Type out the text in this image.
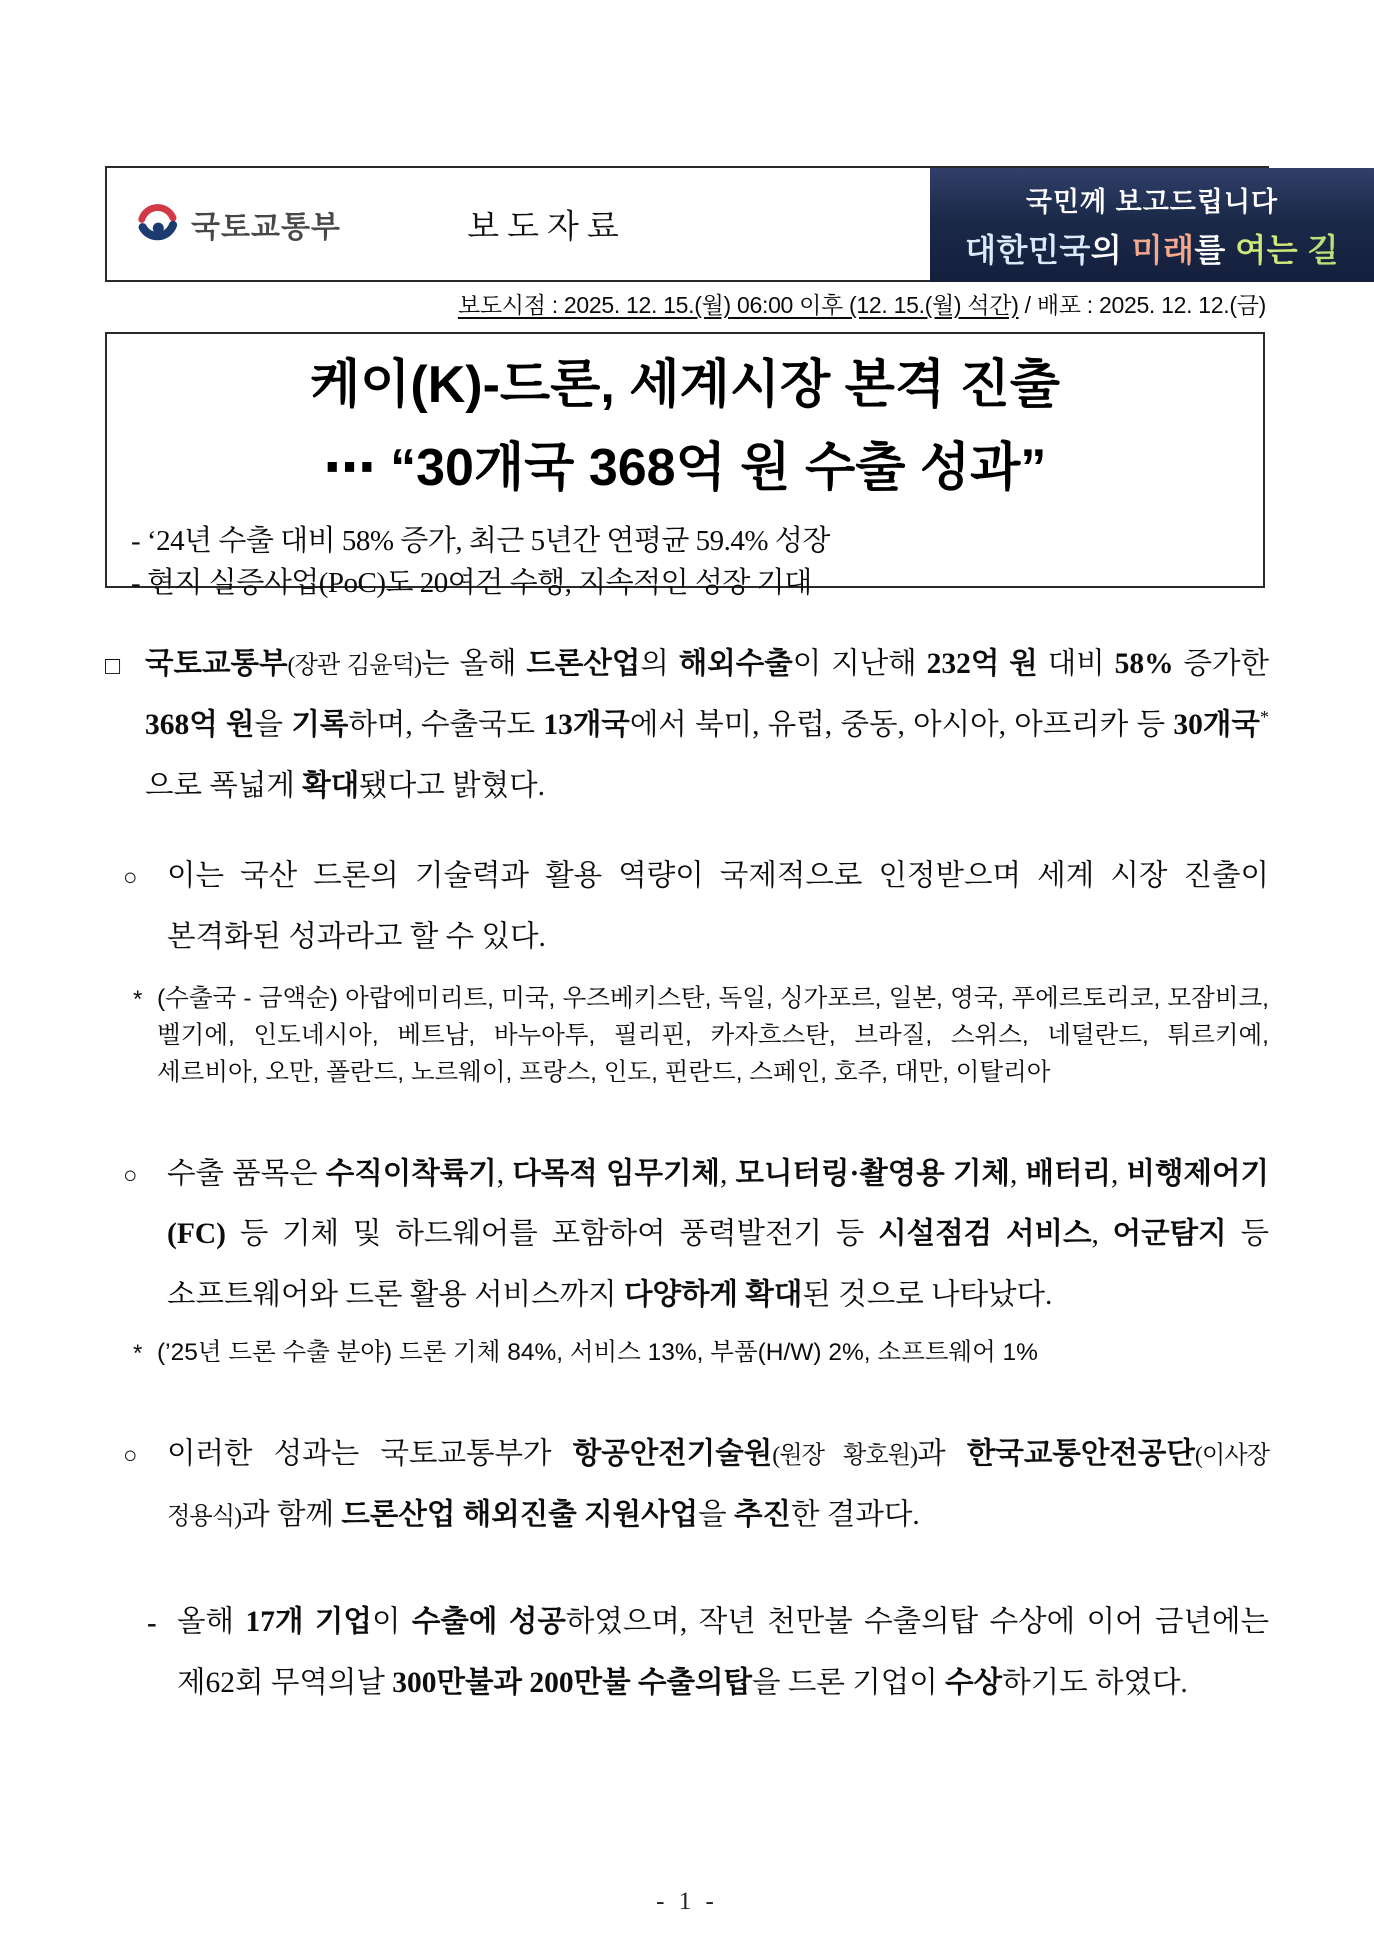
국토교통부	보도자료
국민께 보고드립니다
대한민국의 미래를 여는 길
보도시점 : 2025. 12. 15.(월) 06:00 이후 (12. 15.(월) 석간) / 배포 : 2025. 12. 12.(금)
케이(K)-드론, 세계시장 본격 진출
⋯ “30개국 368억 원 수출 성과”
- ‘24년 수출 대비 58% 증가, 최근 5년간 연평균 59.4% 성장
- 현지 실증사업(PoC)도 20여건 수행, 지속적인 성장 기대
□ 국토교통부(장관 김윤덕)는 올해 드론산업의 해외수출이 지난해 232억 원 대비 58% 증가한 368억 원을 기록하며, 수출국도 13개국에서 북미, 유럽, 중동, 아시아, 아프리카 등 30개국*으로 폭넓게 확대됐다고 밝혔다.
○	이는 국산 드론의 기술력과 활용 역량이 국제적으로 인정받으며 세계 시장 진출이 본격화된 성과라고 할 수 있다.
* (수출국 - 금액순) 아랍에미리트, 미국, 우즈베키스탄, 독일, 싱가포르, 일본, 영국, 푸에르토리코, 모잠비크, 벨기에, 인도네시아, 베트남, 바누아투, 필리핀, 카자흐스탄, 브라질, 스위스, 네덜란드, 튀르키예, 세르비아, 오만, 폴란드, 노르웨이, 프랑스, 인도, 핀란드, 스페인, 호주, 대만, 이탈리아
○	수출 품목은 수직이착륙기, 다목적 임무기체, 모니터링·촬영용 기체, 배터리, 비행제어기(FC) 등 기체 및 하드웨어를 포함하여 풍력발전기 등 시설점검 서비스, 어군탐지 등 소프트웨어와 드론 활용 서비스까지 다양하게 확대된 것으로 나타났다.
* (’25년 드론 수출 분야) 드론 기체 84%, 서비스 13%, 부품(H/W) 2%, 소프트웨어 1%
○	이러한 성과는 국토교통부가 항공안전기술원(원장 황호원)과 한국교통안전공단(이사장 정용식)과 함께 드론산업 해외진출 지원사업을 추진한 결과다.
- 올해 17개 기업이 수출에 성공하였으며, 작년 천만불 수출의탑 수상에 이어 금년에는 제62회 무역의날 300만불과 200만불 수출의탑을 드론 기업이 수상하기도 하였다.
- 1 -
